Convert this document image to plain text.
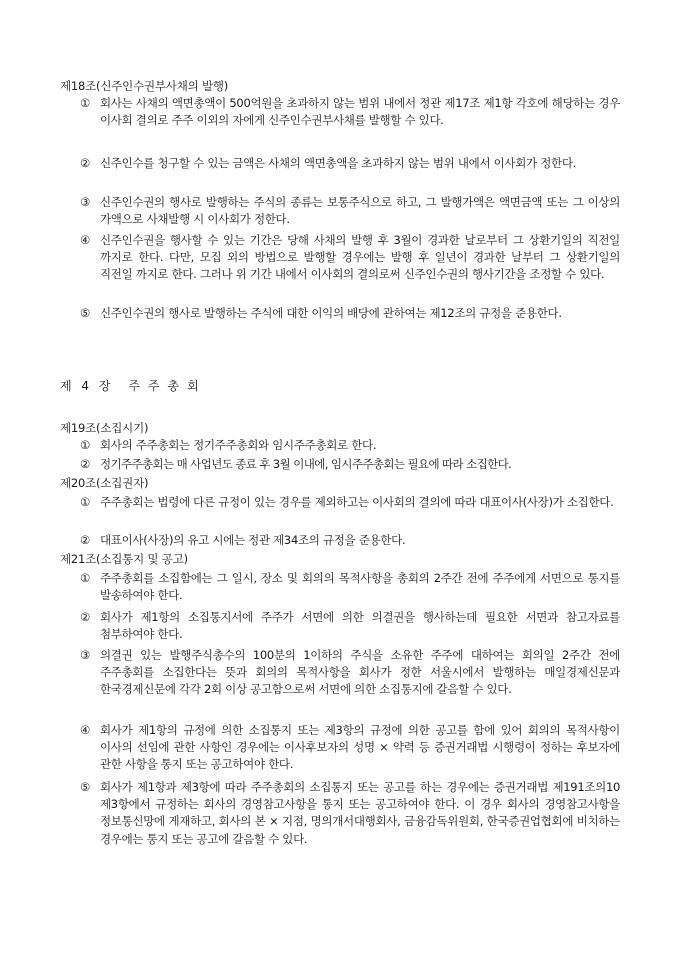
제18조(신주인수권부사채의 발행)
① 회사는 사채의 액면총액이 500억원을 초과하지 않는 범위 내에서 정관 제17조 제1항 각호에 해당하는 경우 이사회 결의로 주주 이외의 자에게 신주인수권부사채를 발행할 수 있다.
② 신주인수를 청구할 수 있는 금액은 사채의 액면총액을 초과하지 않는 범위 내에서 이사회가 정한다.
③ 신주인수권의 행사로 발행하는 주식의 종류는 보통주식으로 하고, 그 발행가액은 액면금액 또는 그 이상의 가액으로 사채발행 시 이사회가 정한다.
④ 신주인수권을 행사할 수 있는 기간은 당해 사채의 발행 후 3월이 경과한 날로부터 그 상환기일의 직전일 까지로 한다. 다만, 모집 외의 방법으로 발행할 경우에는 발행 후 일년이 경과한 날부터 그 상환기일의 직전일 까지로 한다. 그러나 위 기간 내에서 이사회의 결의로써 신주인수권의 행사기간을 조정할 수 있다.
⑤ 신주인수권의 행사로 발행하는 주식에 대한 이익의 배당에 관하여는 제12조의 규정을 준용한다.
제 4 장 주주총회
제19조(소집시기)
① 회사의 주주총회는 정기주주총회와 임시주주총회로 한다.
② 정기주주총회는 매 사업년도 종료 후 3월 이내에, 임시주주총회는 필요에 따라 소집한다.
제20조(소집권자)
① 주주총회는 법령에 다른 규정이 있는 경우를 제외하고는 이사회의 결의에 따라 대표이사(사장)가 소집한다.
② 대표이사(사장)의 유고 시에는 정관 제34조의 규정을 준용한다.
제21조(소집통지 및 공고)
① 주주총회를 소집함에는 그 일시, 장소 및 회의의 목적사항을 총회의 2주간 전에 주주에게 서면으로 통지를 발송하여야 한다.
② 회사가 제1항의 소집통지서에 주주가 서면에 의한 의결권을 행사하는데 필요한 서면과 참고자료를 첨부하여야 한다.
③ 의결권 있는 발행주식총수의 100분의 1이하의 주식을 소유한 주주에 대하여는 회의일 2주간 전에 주주총회를 소집한다는 뜻과 회의의 목적사항을 회사가 정한 서울시에서 발행하는 매일경제신문과 한국경제신문에 각각 2회 이상 공고함으로써 서면에 의한 소집통지에 갈음할 수 있다.
④ 회사가 제1항의 규정에 의한 소집통지 또는 제3항의 규정에 의한 공고를 함에 있어 회의의 목적사항이 이사의 선임에 관한 사항인 경우에는 이사후보자의 성명 × 약력 등 증권거래법 시행령이 정하는 후보자에 관한 사항을 통지 또는 공고하여야 한다.
⑤ 회사가 제1항과 제3항에 따라 주주총회의 소집통지 또는 공고를 하는 경우에는 증권거래법 제191조의10 제3항에서 규정하는 회사의 경영참고사항을 통지 또는 공고하여야 한다. 이 경우 회사의 경영참고사항을 정보통신망에 게재하고, 회사의 본 × 지점, 명의개서대행회사, 금융감독위원회, 한국증권업협회에 비치하는 경우에는 통지 또는 공고에 갈음할 수 있다.
